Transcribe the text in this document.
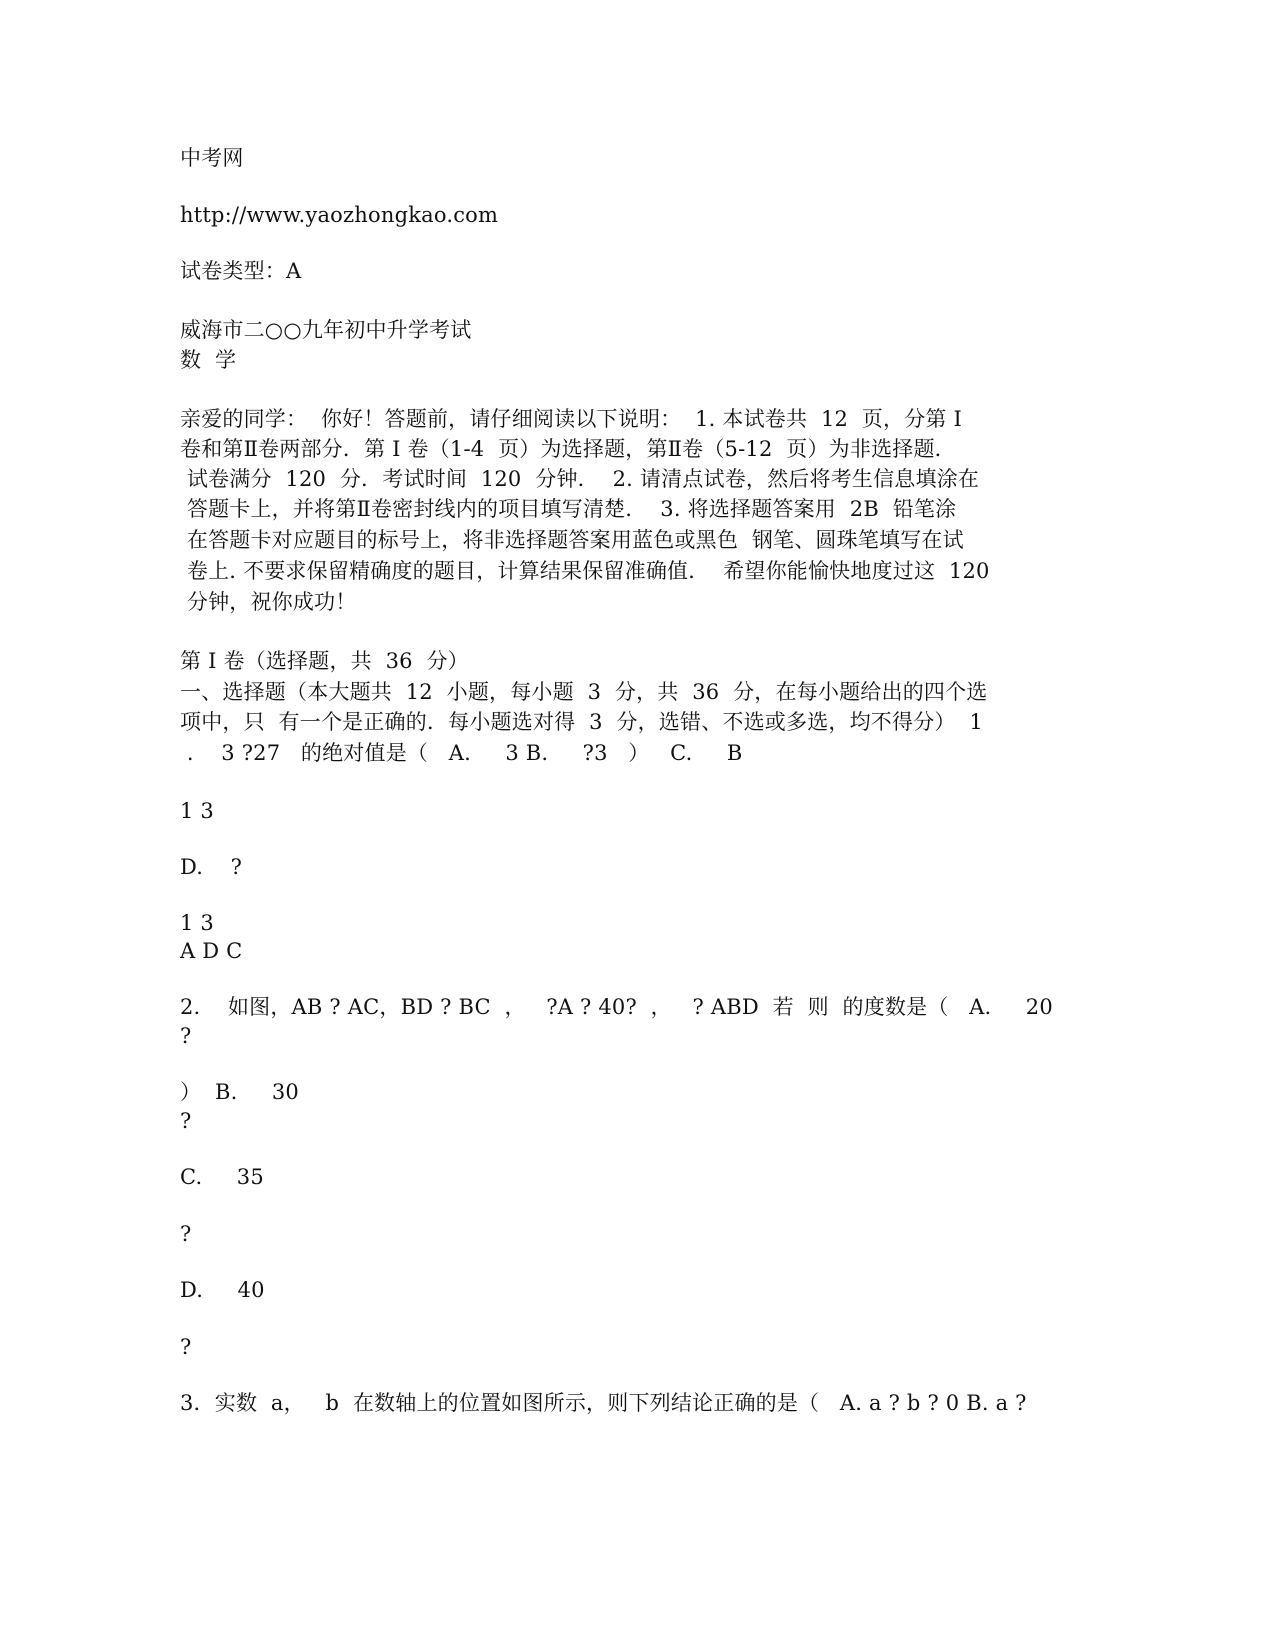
中考网
http://www.yaozhongkao.com
试卷类型：A
威海市二○○九年初中升学考试
数  学
亲爱的同学：  你好！答题前，请仔细阅读以下说明：  1. 本试卷共  12  页，分第 I
卷和第Ⅱ卷两部分．第 I 卷（1-4  页）为选择题，第Ⅱ卷（5-12  页）为非选择题．
试卷满分  120  分．考试时间  120  分钟．  2. 请清点试卷，然后将考生信息填涂在
答题卡上，并将第Ⅱ卷密封线内的项目填写清楚．  3. 将选择题答案用  2B  铅笔涂
在答题卡对应题目的标号上，将非选择题答案用蓝色或黑色  钢笔、圆珠笔填写在试
卷上. 不要求保留精确度的题目，计算结果保留准确值．  希望你能愉快地度过这  120
分钟，祝你成功！
第 I 卷（选择题，共  36  分）
一、选择题（本大题共  12  小题，每小题  3  分，共  36  分，在每小题给出的四个选
项中，只  有一个是正确的．每小题选对得  3  分，选错、不选或多选，均不得分）  1
.    3 ?27   的绝对值是（   A.     3 B.     ?3   ）   C.     B
1 3
D.    ?
1 3
A D C
2.    如图，AB ? AC，BD ? BC  ，   ?A ? 40?  ，   ? ABD  若  则  的度数是（   A.     20
?
）  B.     30
?
C.     35
?
D.     40
?
3．实数  a，   b  在数轴上的位置如图所示，则下列结论正确的是（   A. a ? b ? 0 B. a ?
